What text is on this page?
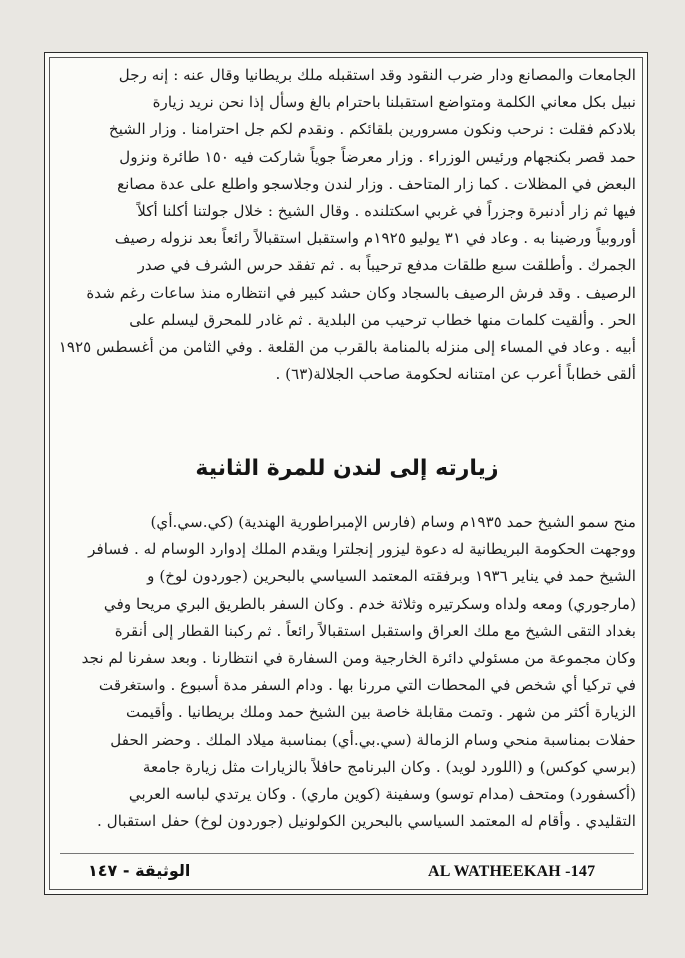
الجامعات والمصانع ودار ضرب النقود وقد استقبله ملك بريطانيا وقال عنه : إنه رجل
نبيل بكل معاني الكلمة ومتواضع استقبلنا باحترام بالغ وسأل إذا نحن نريد زيارة
بلادكم فقلت : نرحب ونكون مسرورين بلقائكم . ونقدم لكم جل احترامنا . وزار الشيخ
حمد قصر بكنجهام ورئيس الوزراء . وزار معرضاً جوياً شاركت فيه ١٥٠ طائرة ونزول
البعض في المظلات . كما زار المتاحف . وزار لندن وجلاسجو واطلع على عدة مصانع
فيها ثم زار أدنبرة وجزراً في غربي اسكتلنده . وقال الشيخ : خلال جولتنا أكلنا أكلاً
أوروبياً ورضينا به . وعاد في ٣١ يوليو ١٩٢٥م واستقبل استقبالاً رائعاً بعد نزوله رصيف
الجمرك . وأطلقت سبع طلقات مدفع ترحيباً به . ثم تفقد حرس الشرف في صدر
الرصيف . وقد فرش الرصيف بالسجاد وكان حشد كبير في انتظاره منذ ساعات رغم شدة
الحر . وألقيت كلمات منها خطاب ترحيب من البلدية . ثم غادر للمحرق ليسلم على
أبيه . وعاد في المساء إلى منزله بالمنامة بالقرب من القلعة . وفي الثامن من أغسطس ١٩٢٥
ألقى خطاباً أعرب عن امتنانه لحكومة صاحب الجلالة(٦٣) .

زيارته إلى لندن للمرة الثانية

منح سمو الشيخ حمد ١٩٣٥م وسام (فارس الإمبراطورية الهندية) (كي.سي.أي)
ووجهت الحكومة البريطانية له دعوة ليزور إنجلترا ويقدم الملك إدوارد الوسام له . فسافر
الشيخ حمد في يناير ١٩٣٦ وبرفقته المعتمد السياسي بالبحرين (جوردون لوخ) و
(مارجوري) ومعه ولداه وسكرتيره وثلاثة خدم . وكان السفر بالطريق البري مريحا وفي
بغداد التقى الشيخ مع ملك العراق واستقبل استقبالاً رائعاً . ثم ركبنا القطار إلى أنقرة
وكان مجموعة من مسئولي دائرة الخارجية ومن السفارة في انتظارنا . وبعد سفرنا لم نجد
في تركيا أي شخص في المحطات التي مررنا بها . ودام السفر مدة أسبوع . واستغرقت
الزيارة أكثر من شهر . وتمت مقابلة خاصة بين الشيخ حمد وملك بريطانيا . وأقيمت
حفلات بمناسبة منحي وسام الزمالة (سي.بي.أي) بمناسبة ميلاد الملك . وحضر الحفل
(برسي كوكس) و (اللورد لويد) . وكان البرنامج حافلاً بالزيارات مثل زيارة جامعة
(أكسفورد) ومتحف (مدام توسو) وسفينة (كوين ماري) . وكان يرتدي لباسه العربي
التقليدي . وأقام له المعتمد السياسي بالبحرين الكولونيل (جوردون لوخ) حفل استقبال .

AL WATHEEKAH -147
الوثيقة - ١٤٧
